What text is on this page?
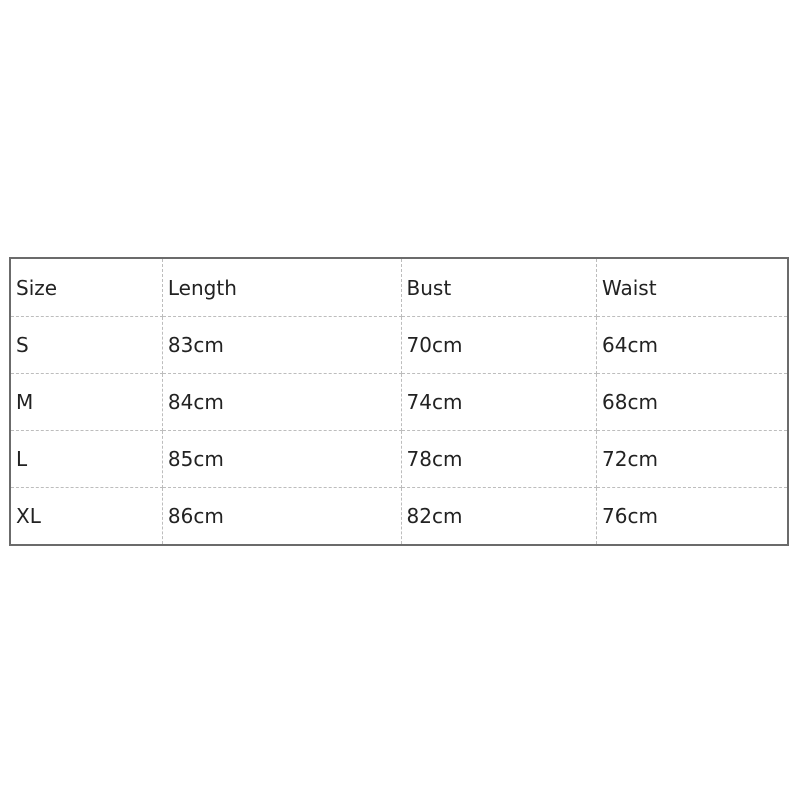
Size	Length	Bust	Waist
S	83cm	70cm	64cm
M	84cm	74cm	68cm
L	85cm	78cm	72cm
XL	86cm	82cm	76cm
